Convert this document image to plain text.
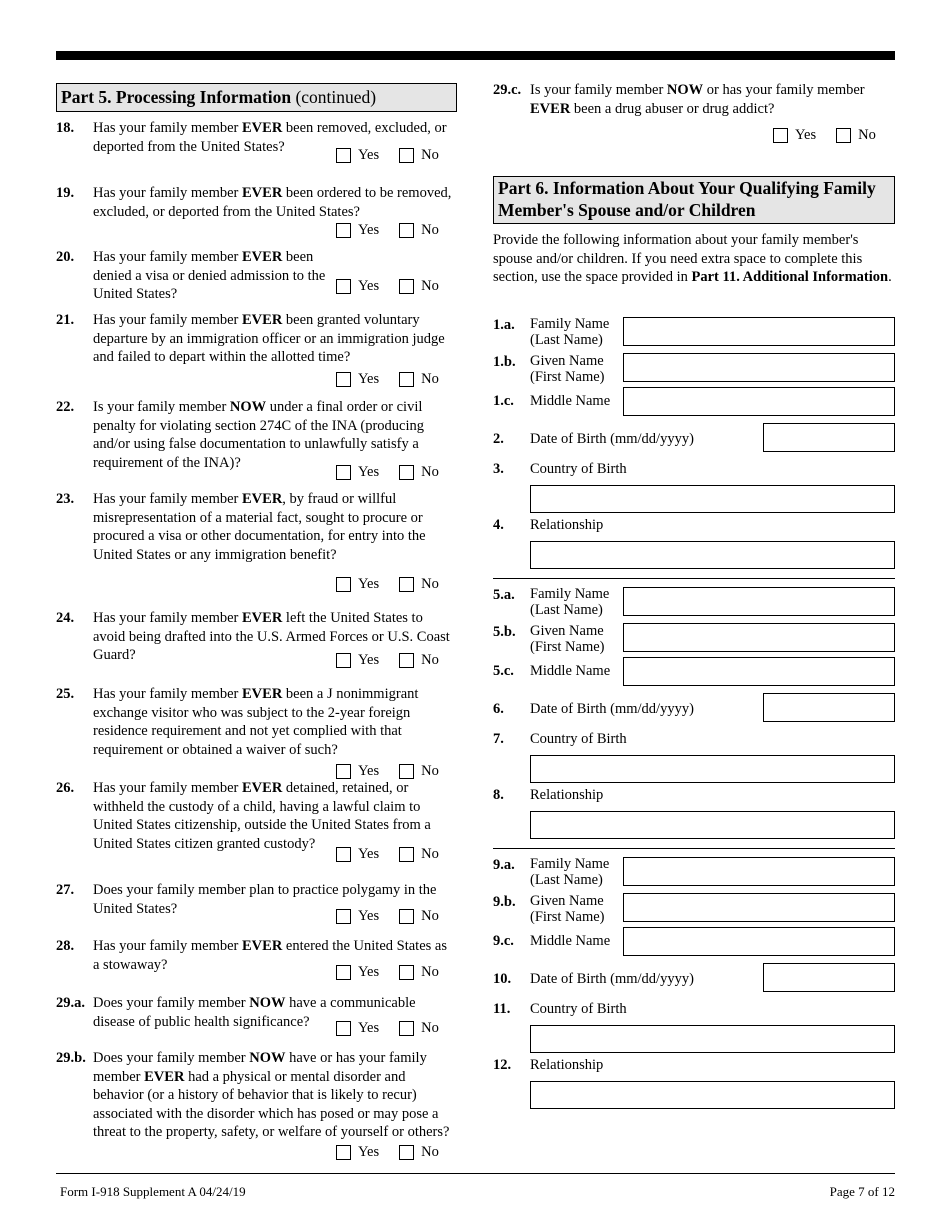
Part 5. Processing Information (continued)
18. Has your family member EVER been removed, excluded, or deported from the United States?
Yes	No
19. Has your family member EVER been ordered to be removed, excluded, or deported from the United States?
Yes	No
20. Has your family member EVER been denied a visa or denied admission to the United States?	Yes	No
21. Has your family member EVER been granted voluntary departure by an immigration officer or an immigration judge and failed to depart within the allotted time?
Yes	No
22. Is your family member NOW under a final order or civil penalty for violating section 274C of the INA (producing and/or using false documentation to unlawfully satisfy a requirement of the INA)?
Yes	No
23. Has your family member EVER, by fraud or willful misrepresentation of a material fact, sought to procure or procured a visa or other documentation, for entry into the United States or any immigration benefit?
Yes	No
24. Has your family member EVER left the United States to avoid being drafted into the U.S. Armed Forces or U.S. Coast Guard?	Yes	No
25. Has your family member EVER been a J nonimmigrant exchange visitor who was subject to the 2-year foreign residence requirement and not yet complied with that requirement or obtained a waiver of such?
Yes	No
26. Has your family member EVER detained, retained, or withheld the custody of a child, having a lawful claim to United States citizenship, outside the United States from a United States citizen granted custody?
Yes	No
27. Does your family member plan to practice polygamy in the United States?	Yes	No
28. Has your family member EVER entered the United States as a stowaway?	Yes	No
29.a. Does your family member NOW have a communicable disease of public health significance?	Yes	No
29.b. Does your family member NOW have or has your family member EVER had a physical or mental disorder and behavior (or a history of behavior that is likely to recur) associated with the disorder which has posed or may pose a threat to the property, safety, or welfare of yourself or others?
Yes	No
29.c. Is your family member NOW or has your family member EVER been a drug abuser or drug addict?
Yes	No
Part 6. Information About Your Qualifying Family Member's Spouse and/or Children
Provide the following information about your family member's spouse and/or children. If you need extra space to complete this section, use the space provided in Part 11. Additional Information.
1.a. Family Name
(Last Name)
1.b. Given Name
(First Name)
1.c. Middle Name
2. Date of Birth (mm/dd/yyyy)
3. Country of Birth
4. Relationship
5.a. Family Name
(Last Name)
5.b. Given Name
(First Name)
5.c. Middle Name
6. Date of Birth (mm/dd/yyyy)
7. Country of Birth
8. Relationship
9.a. Family Name
(Last Name)
9.b. Given Name
(First Name)
9.c. Middle Name
10. Date of Birth (mm/dd/yyyy)
11. Country of Birth
12. Relationship
Form I-918 Supplement A 04/24/19	Page 7 of 12
